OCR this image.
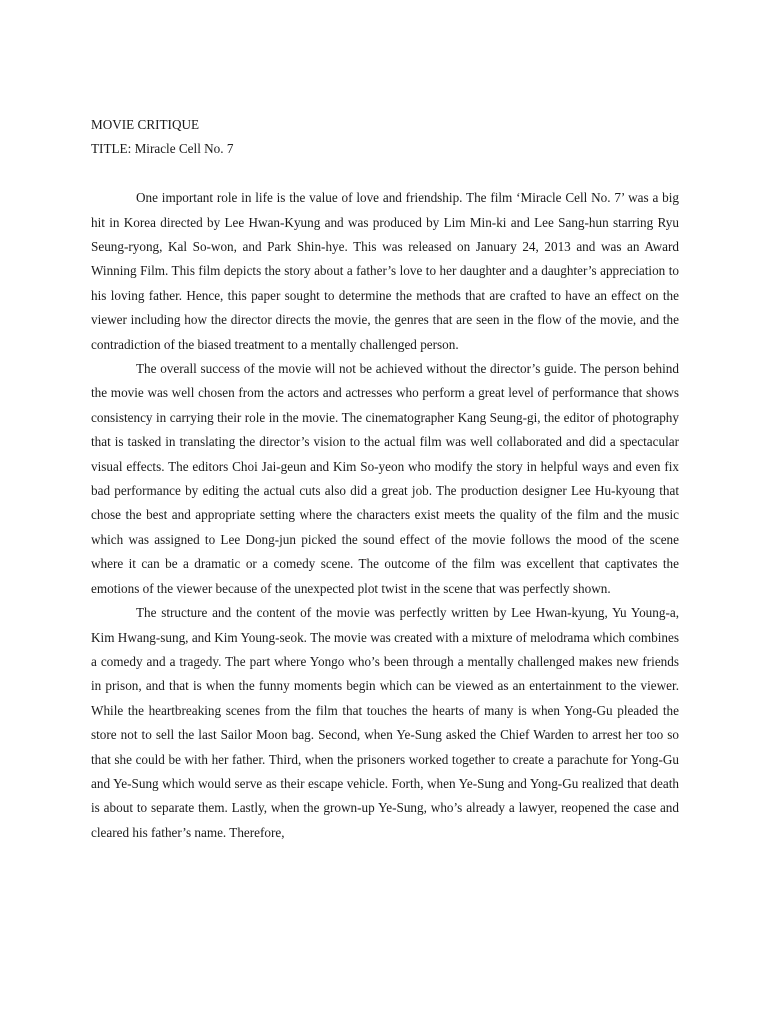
MOVIE CRITIQUE

TITLE: Miracle Cell No. 7

One important role in life is the value of love and friendship. The film ‘Miracle Cell No. 7’ was a big hit in Korea directed by Lee Hwan-Kyung and was produced by Lim Min-ki and Lee Sang-hun starring Ryu Seung-ryong, Kal So-won, and Park Shin-hye. This was released on January 24, 2013 and was an Award Winning Film. This film depicts the story about a father’s love to her daughter and a daughter’s appreciation to his loving father. Hence, this paper sought to determine the methods that are crafted to have an effect on the viewer including how the director directs the movie, the genres that are seen in the flow of the movie, and the contradiction of the biased treatment to a mentally challenged person.

The overall success of the movie will not be achieved without the director’s guide. The person behind the movie was well chosen from the actors and actresses who perform a great level of performance that shows consistency in carrying their role in the movie. The cinematographer Kang Seung-gi, the editor of photography that is tasked in translating the director’s vision to the actual film was well collaborated and did a spectacular visual effects. The editors Choi Jai-geun and Kim So-yeon who modify the story in helpful ways and even fix bad performance by editing the actual cuts also did a great job. The production designer Lee Hu-kyoung that chose the best and appropriate setting where the characters exist meets the quality of the film and the music which was assigned to Lee Dong-jun picked the sound effect of the movie follows the mood of the scene where it can be a dramatic or a comedy scene. The outcome of the film was excellent that captivates the emotions of the viewer because of the unexpected plot twist in the scene that was perfectly shown.

The structure and the content of the movie was perfectly written by Lee Hwan-kyung, Yu Young-a, Kim Hwang-sung, and Kim Young-seok. The movie was created with a mixture of melodrama which combines a comedy and a tragedy. The part where Yongo who’s been through a mentally challenged makes new friends in prison, and that is when the funny moments begin which can be viewed as an entertainment to the viewer. While the heartbreaking scenes from the film that touches the hearts of many is when Yong-Gu pleaded the store not to sell the last Sailor Moon bag. Second, when Ye-Sung asked the Chief Warden to arrest her too so that she could be with her father. Third, when the prisoners worked together to create a parachute for Yong-Gu and Ye-Sung which would serve as their escape vehicle. Forth, when Ye-Sung and Yong-Gu realized that death is about to separate them. Lastly, when the grown-up Ye-Sung, who’s already a lawyer, reopened the case and cleared his father’s name. Therefore,
